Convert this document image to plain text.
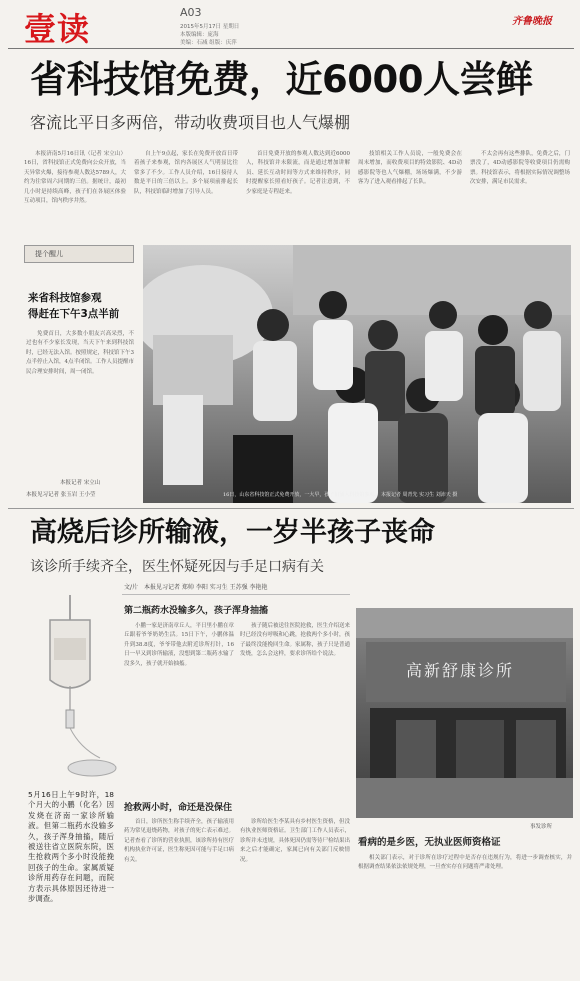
壹读	A03
2015年5月17日 星期日
本版编辑：庞海
美编：石减 组版：庆萍
齐鲁晚报
省科技馆免费，近6000人尝鲜
客流比平日多两倍，带动收费项目也人气爆棚

本报济南5月16日讯（记者 宋立山） 16日，省科技馆正式免费向公众开放，当天异常火爆，接待参观人数达5789人，大约为往常周六同期的三倍。据统计，最初几小时是持续高峰，孩子们在各展区体验互动项目，馆内秩序井然。

自上午9点起，家长在免费开放首日带着孩子来参观，馆内各展区人气明显比往常多了不少。工作人员介绍，16日接待人数是平日的三倍以上。多个展项前排起长队，科技馆临时增加了引导人员。

首日免费开放的参观人数达到近6000人，科技馆并未限流，而是通过增加讲解员、延长互动时间等方式来维持秩序，同时提醒家长照看好孩子。记者注意到，不少家庭是专程赶来。

技馆相关工作人员说，一般免费会在周末增加，而收费项目的特效影院、4D动感影院等也人气爆棚，场场爆满，不少游客为了进入观看排起了长队。

不太会再有这些排队，免费之后，门票没了，4D动感影院等收费项目仍需购票。科技馆表示，将根据实际情况调整场次安排，满足市民需求。

提个醒儿
来省科技馆参观
得赶在下午3点半前

免费首日，大多数小朋友兴高采烈，不过也有不少家长发现，当天下午来到科技馆时，已经无法入馆。按照规定，科技馆下午3点半停止入馆，4点半闭馆。工作人员提醒市民合理安排时间，周一闭馆。

本报记者 宋立山
本报见习记者 张玉岩 王小莹	16日，山东省科技馆正式免费开放，一大早，孩子们涌入科技馆参观。 本报记者 周青先 实习生 刘沛天 摄
高烧后诊所输液，一岁半孩子丧命
该诊所手续齐全，医生怀疑死因与手足口病有关
5月16日上午9时许，18个月大的小鹏（化名）因发烧在济南一家诊所输液。但第二瓶药水没输多久，孩子浑身抽搐，随后被送往省立医院东院，医生抢救两个多小时没能挽回孩子的生命。家属质疑诊所用药存在问题，而院方表示具体原因还待进一步调查。
文/片 本报见习记者 郑帅 李阳 实习生 王苏强 李艳艳
第二瓶药水没输多久，孩子浑身抽搐

小鹏一家是济南章丘人，平日里小鹏在章丘跟着爷爷奶奶生活。15日下午，小鹏体温升到38.8度，爷爷带他去附近诊所打针，16日一早又到诊所输液，没想到第二瓶药水输了没多久，孩子就开始抽搐。

孩子随后被送往医院抢救，医生介绍送来时已经没有呼吸和心跳，抢救两个多小时，孩子最终没能挽回生命。家属称，孩子只是普通发烧，怎么会这样，要求诊所给个说法。

抢救两小时，命还是没保住

首日，诊所医生称手续齐全，孩子输液用药为常见退烧药物，对孩子的死亡表示难过。记者查看了诊所的营业执照，该诊所持有医疗机构执业许可证，医生称死因可能与手足口病有关。

诊所给医生李某具有乡村医生资格，但没有执业医师资格证。卫生部门工作人员表示，诊所并未违规，具体死因仍需等待尸检结果出来之后才能确定，家属已向有关部门反映情况。

高新舒康诊所
事发诊所
看病的是乡医，无执业医师资格证

相关部门表示，对于诊所在诊疗过程中是否存在违规行为，将进一步调查核实，并根据调查结果依法依规处理，一旦查实存在问题将严肃处理。
